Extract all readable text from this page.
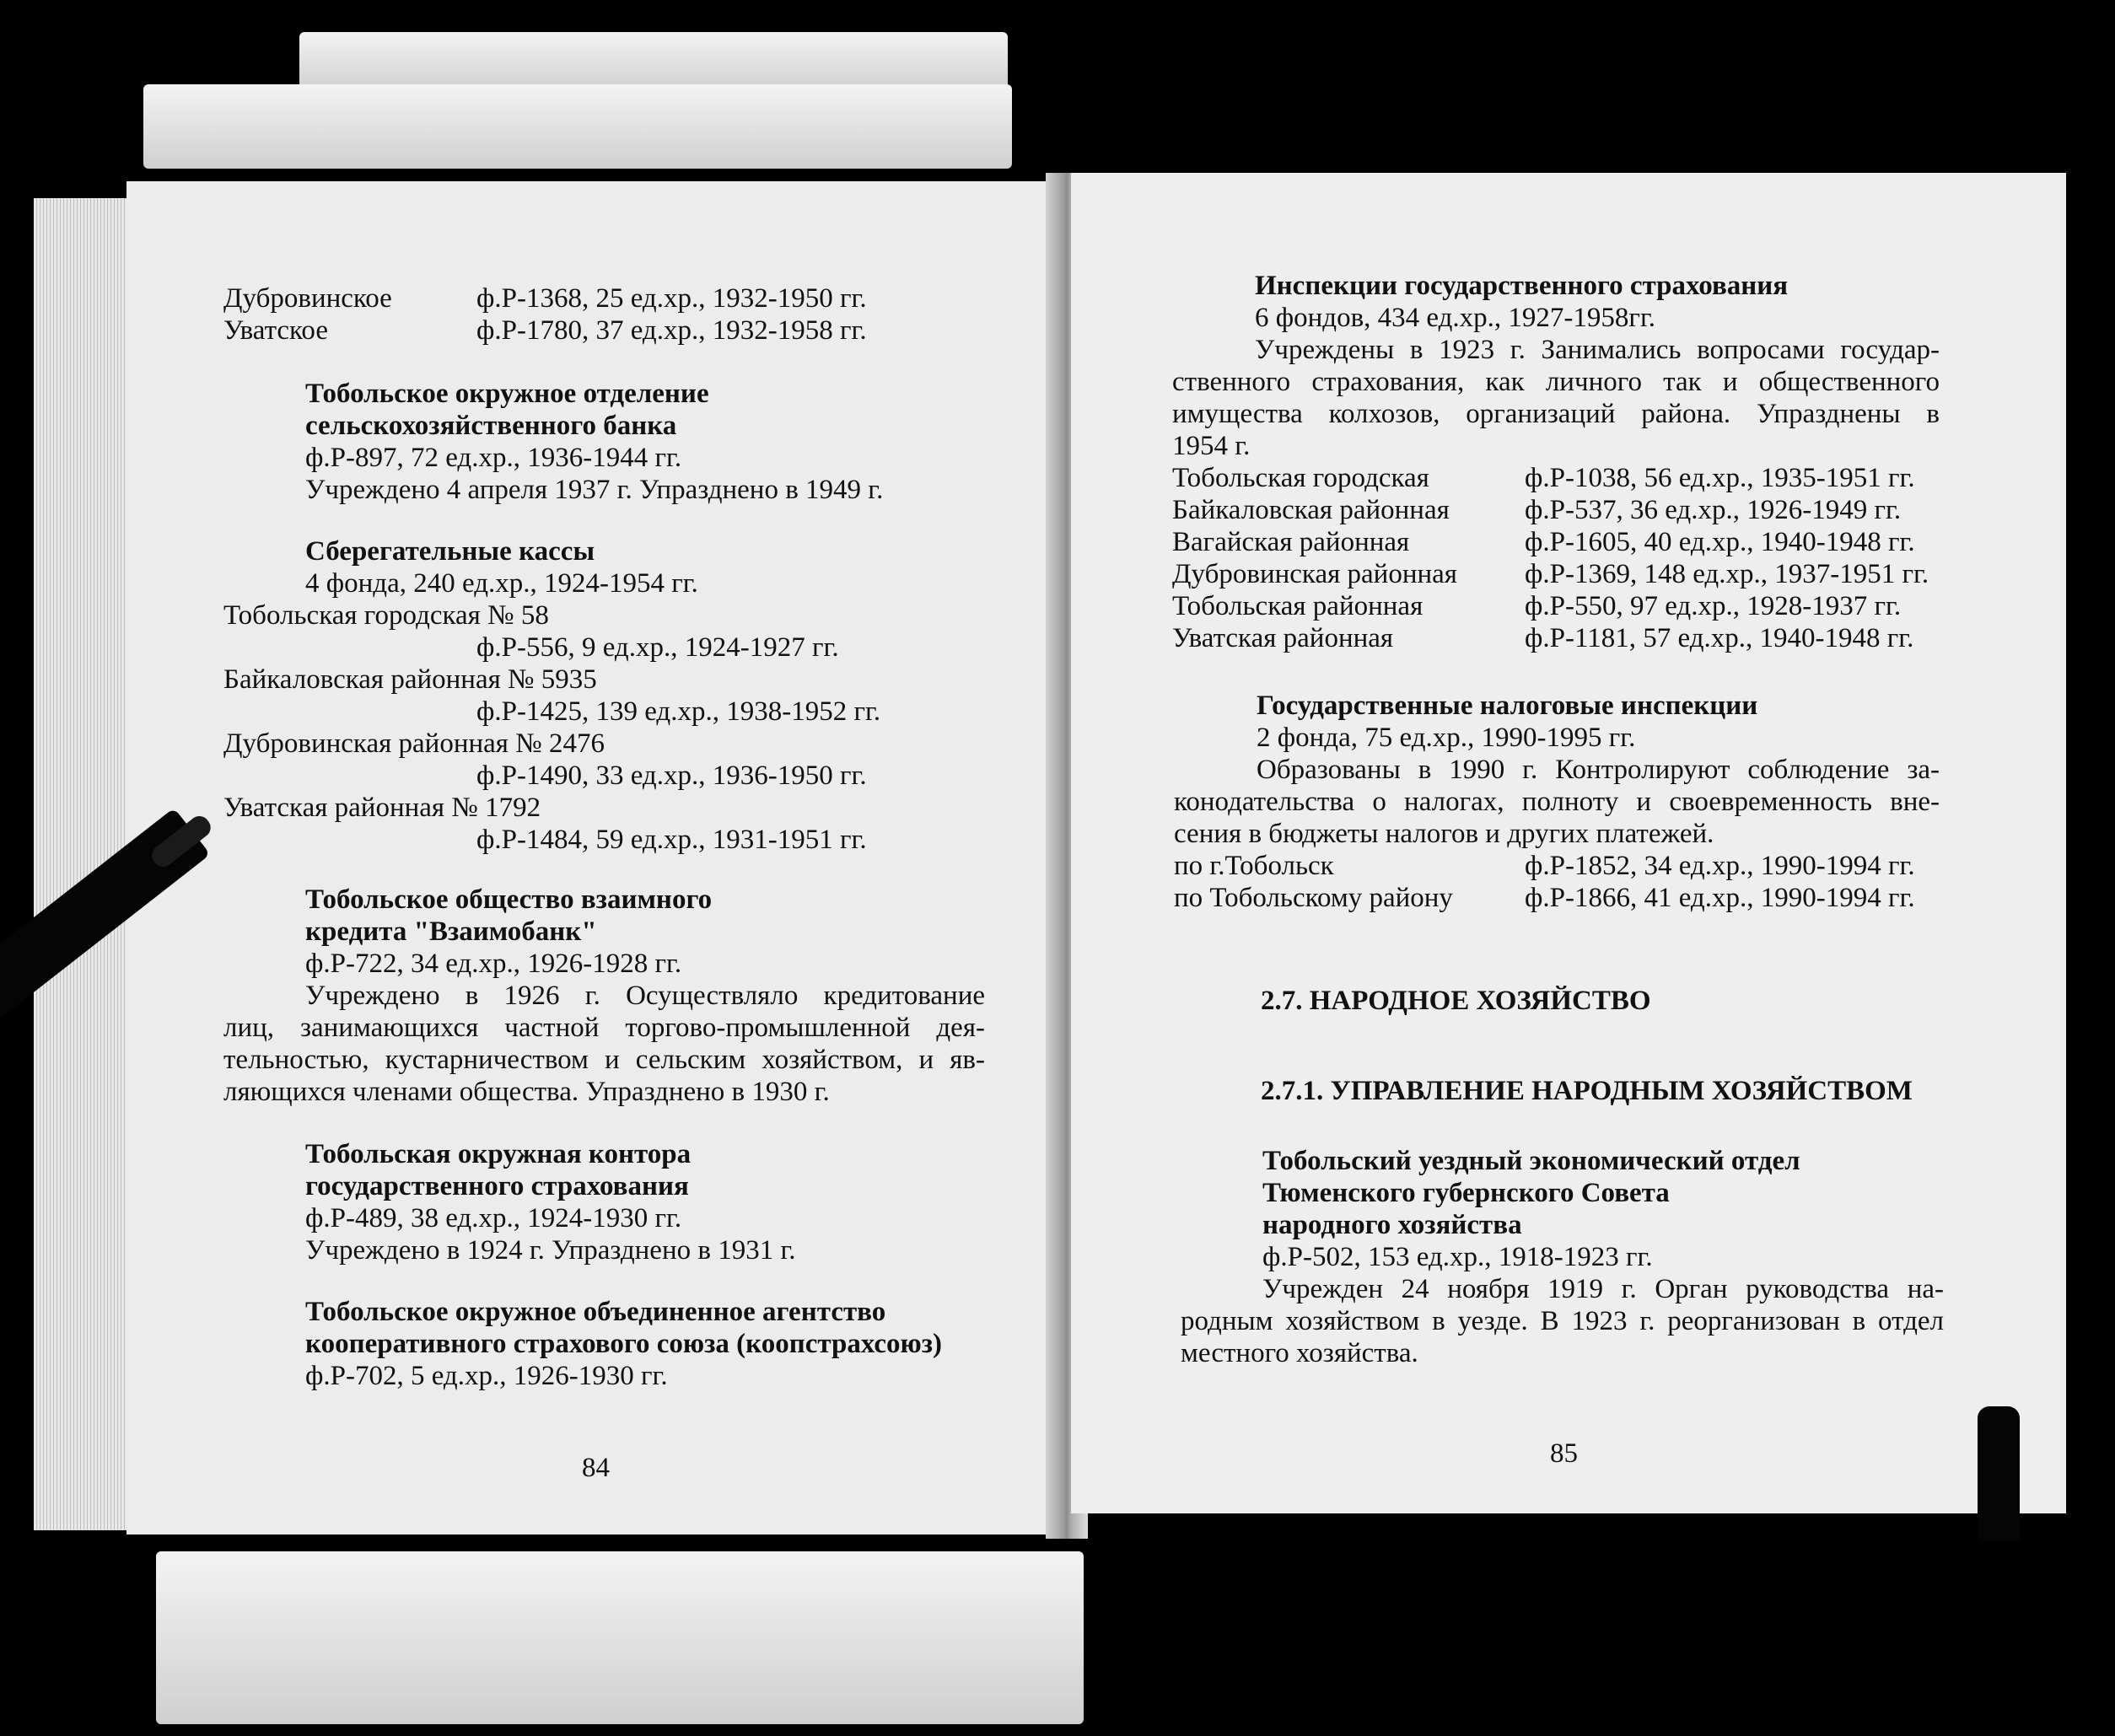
Дубровинское	ф.Р-1368, 25 ед.хр., 1932-1950 гг.
Уватское	ф.Р-1780, 37 ед.хр., 1932-1958 гг.
Тобольское окружное отделение
сельскохозяйственного банка
ф.Р-897, 72 ед.хр., 1936-1944 гг.
Учреждено 4 апреля 1937 г. Упразднено в 1949 г.
Сберегательные кассы
4 фонда, 240 ед.хр., 1924-1954 гг.
Тобольская городская № 58
ф.Р-556, 9 ед.хр., 1924-1927 гг.
Байкаловская районная № 5935
ф.Р-1425, 139 ед.хр., 1938-1952 гг.
Дубровинская районная № 2476
ф.Р-1490, 33 ед.хр., 1936-1950 гг.
Уватская районная № 1792
ф.Р-1484, 59 ед.хр., 1931-1951 гг.
Тобольское общество взаимного
кредита "Взаимобанк"
ф.Р-722, 34 ед.хр., 1926-1928 гг.
Учреждено в 1926 г. Осуществляло кредитование
лиц, занимающихся частной торгово-промышленной дея-
тельностью, кустарничеством и сельским хозяйством, и яв-
ляющихся членами общества. Упразднено в 1930 г.
Тобольская окружная контора
государственного страхования
ф.Р-489, 38 ед.хр., 1924-1930 гг.
Учреждено в 1924 г. Упразднено в 1931 г.
Тобольское окружное объединенное агентство
кооперативного страхового союза (коопстрахсоюз)
ф.Р-702, 5 ед.хр., 1926-1930 гг.
84
Инспекции государственного страхования
6 фондов, 434 ед.хр., 1927-1958гг.
Учреждены в 1923 г. Занимались вопросами государ-
ственного страхования, как личного так и общественного
имущества колхозов, организаций района. Упразднены в
1954 г.
Тобольская городская	ф.Р-1038, 56 ед.хр., 1935-1951 гг.
Байкаловская районная	ф.Р-537, 36 ед.хр., 1926-1949 гг.
Вагайская районная	ф.Р-1605, 40 ед.хр., 1940-1948 гг.
Дубровинская районная ф.Р-1369, 148 ед.хр., 1937-1951 гг.
Тобольская районная	ф.Р-550, 97 ед.хр., 1928-1937 гг.
Уватская районная	ф.Р-1181, 57 ед.хр., 1940-1948 гг.
Государственные налоговые инспекции
2 фонда, 75 ед.хр., 1990-1995 гг.
Образованы в 1990 г. Контролируют соблюдение за-
конодательства о налогах, полноту и своевременность вне-
сения в бюджеты налогов и других платежей.
по г.Тобольск	ф.Р-1852, 34 ед.хр., 1990-1994 гг.
по Тобольскому району	ф.Р-1866, 41 ед.хр., 1990-1994 гг.
2.7. НАРОДНОЕ ХОЗЯЙСТВО
2.7.1. УПРАВЛЕНИЕ НАРОДНЫМ ХОЗЯЙСТВОМ
Тобольский уездный экономический отдел
Тюменского губернского Совета
народного хозяйства
ф.Р-502, 153 ед.хр., 1918-1923 гг.
Учрежден 24 ноября 1919 г. Орган руководства на-
родным хозяйством в уезде. В 1923 г. реорганизован в отдел
местного хозяйства.
85
